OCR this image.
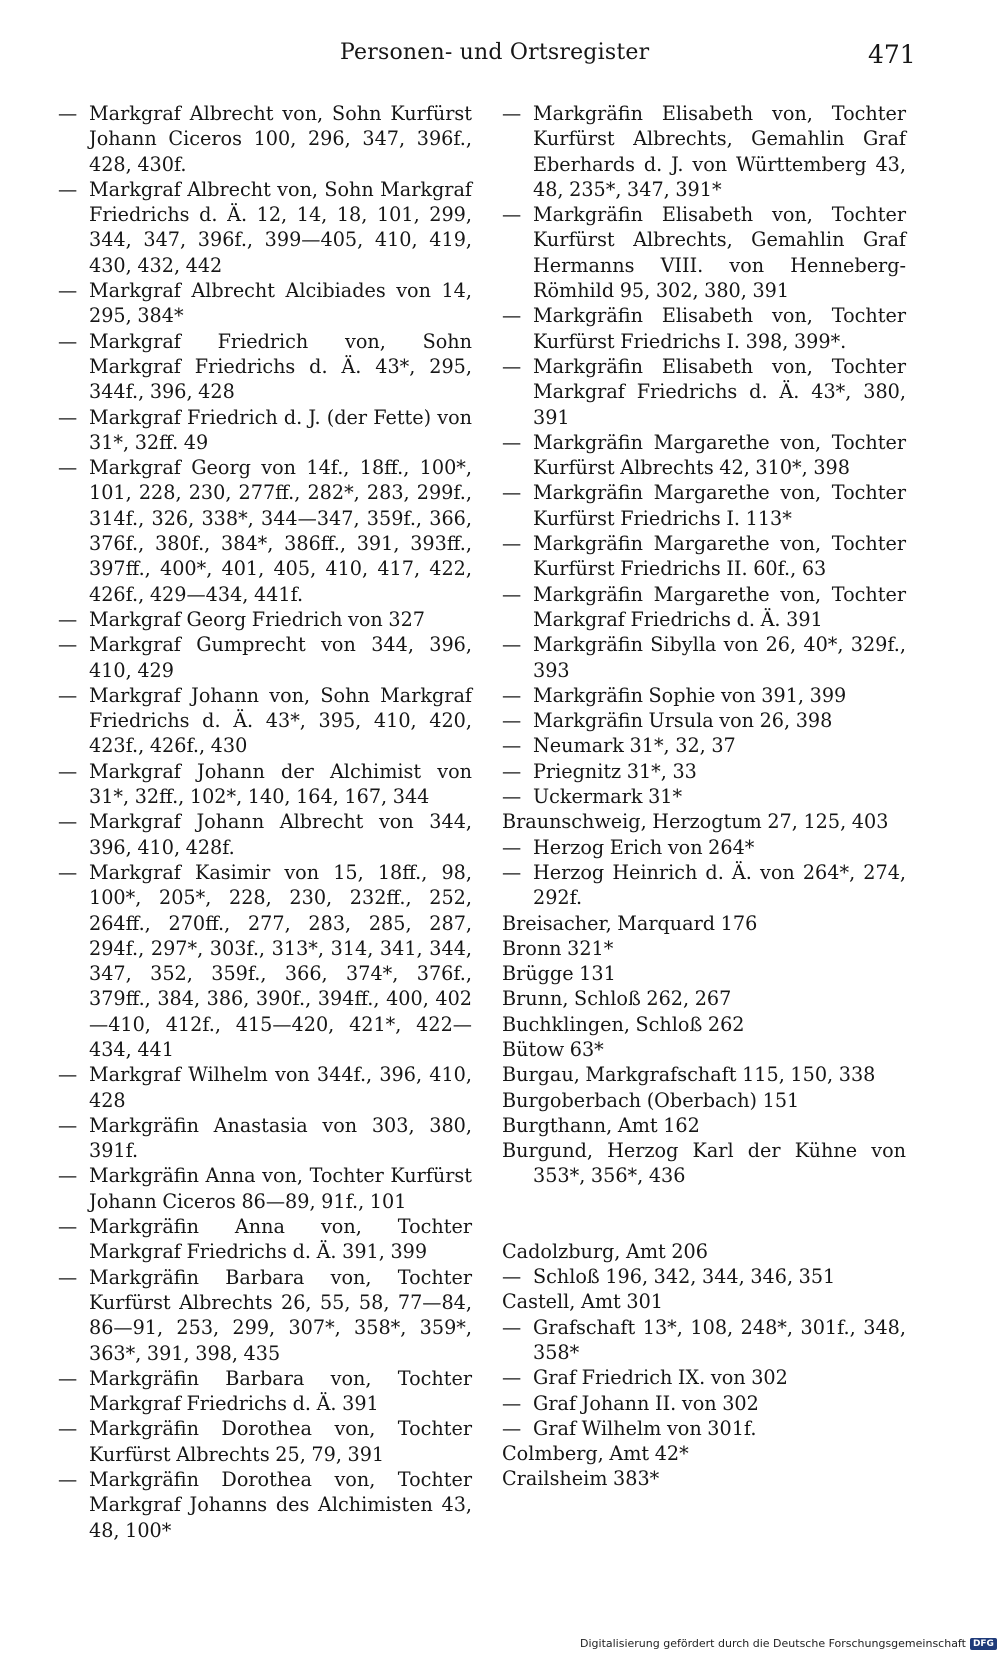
Personen- und Ortsregister	471
— Markgraf Albrecht von, Sohn Kurfürst Johann Ciceros 100, 296, 347, 396f., 428, 430f.
— Markgraf Albrecht von, Sohn Markgraf Friedrichs d. Ä. 12, 14, 18, 101, 299, 344, 347, 396f., 399—405, 410, 419, 430, 432, 442
— Markgraf Albrecht Alcibiades von 14, 295, 384*
— Markgraf Friedrich von, Sohn Markgraf Friedrichs d. Ä. 43*, 295, 344f., 396, 428
— Markgraf Friedrich d. J. (der Fette) von 31*, 32ff. 49
— Markgraf Georg von 14f., 18ff., 100*, 101, 228, 230, 277ff., 282*, 283, 299f., 314f., 326, 338*, 344—347, 359f., 366, 376f., 380f., 384*, 386ff., 391, 393ff., 397ff., 400*, 401, 405, 410, 417, 422, 426f., 429—434, 441f.
— Markgraf Georg Friedrich von 327
— Markgraf Gumprecht von 344, 396, 410, 429
— Markgraf Johann von, Sohn Markgraf Friedrichs d. Ä. 43*, 395, 410, 420, 423f., 426f., 430
— Markgraf Johann der Alchimist von 31*, 32ff., 102*, 140, 164, 167, 344
— Markgraf Johann Albrecht von 344, 396, 410, 428f.
— Markgraf Kasimir von 15, 18ff., 98, 100*, 205*, 228, 230, 232ff., 252, 264ff., 270ff., 277, 283, 285, 287, 294f., 297*, 303f., 313*, 314, 341, 344, 347, 352, 359f., 366, 374*, 376f., 379ff., 384, 386, 390f., 394ff., 400, 402—410, 412f., 415—420, 421*, 422—434, 441
— Markgraf Wilhelm von 344f., 396, 410, 428
— Markgräfin Anastasia von 303, 380, 391f.
— Markgräfin Anna von, Tochter Kurfürst Johann Ciceros 86—89, 91f., 101
— Markgräfin Anna von, Tochter Markgraf Friedrichs d. Ä. 391, 399
— Markgräfin Barbara von, Tochter Kurfürst Albrechts 26, 55, 58, 77—84, 86—91, 253, 299, 307*, 358*, 359*, 363*, 391, 398, 435
— Markgräfin Barbara von, Tochter Markgraf Friedrichs d. Ä. 391
— Markgräfin Dorothea von, Tochter Kurfürst Albrechts 25, 79, 391
— Markgräfin Dorothea von, Tochter Markgraf Johanns des Alchimisten 43, 48, 100*
— Markgräfin Elisabeth von, Tochter Kurfürst Albrechts, Gemahlin Graf Eberhards d. J. von Württemberg 43, 48, 235*, 347, 391*
— Markgräfin Elisabeth von, Tochter Kurfürst Albrechts, Gemahlin Graf Hermanns VIII. von Henneberg-Römhild 95, 302, 380, 391
— Markgräfin Elisabeth von, Tochter Kurfürst Friedrichs I. 398, 399*.
— Markgräfin Elisabeth von, Tochter Markgraf Friedrichs d. Ä. 43*, 380, 391
— Markgräfin Margarethe von, Tochter Kurfürst Albrechts 42, 310*, 398
— Markgräfin Margarethe von, Tochter Kurfürst Friedrichs I. 113*
— Markgräfin Margarethe von, Tochter Kurfürst Friedrichs II. 60f., 63
— Markgräfin Margarethe von, Tochter Markgraf Friedrichs d. Ä. 391
— Markgräfin Sibylla von 26, 40*, 329f., 393
— Markgräfin Sophie von 391, 399
— Markgräfin Ursula von 26, 398
— Neumark 31*, 32, 37
— Priegnitz 31*, 33
— Uckermark 31*
Braunschweig, Herzogtum 27, 125, 403
— Herzog Erich von 264*
— Herzog Heinrich d. Ä. von 264*, 274, 292f.
Breisacher, Marquard 176
Bronn 321*
Brügge 131
Brunn, Schloß 262, 267
Buchklingen, Schloß 262
Bütow 63*
Burgau, Markgrafschaft 115, 150, 338
Burgoberbach (Oberbach) 151
Burgthann, Amt 162
Burgund, Herzog Karl der Kühne von 353*, 356*, 436
Cadolzburg, Amt 206
— Schloß 196, 342, 344, 346, 351
Castell, Amt 301
— Grafschaft 13*, 108, 248*, 301f., 348, 358*
— Graf Friedrich IX. von 302
— Graf Johann II. von 302
— Graf Wilhelm von 301f.
Colmberg, Amt 42*
Crailsheim 383*
Digitalisierung gefördert durch die Deutsche Forschungsgemeinschaft DFG
